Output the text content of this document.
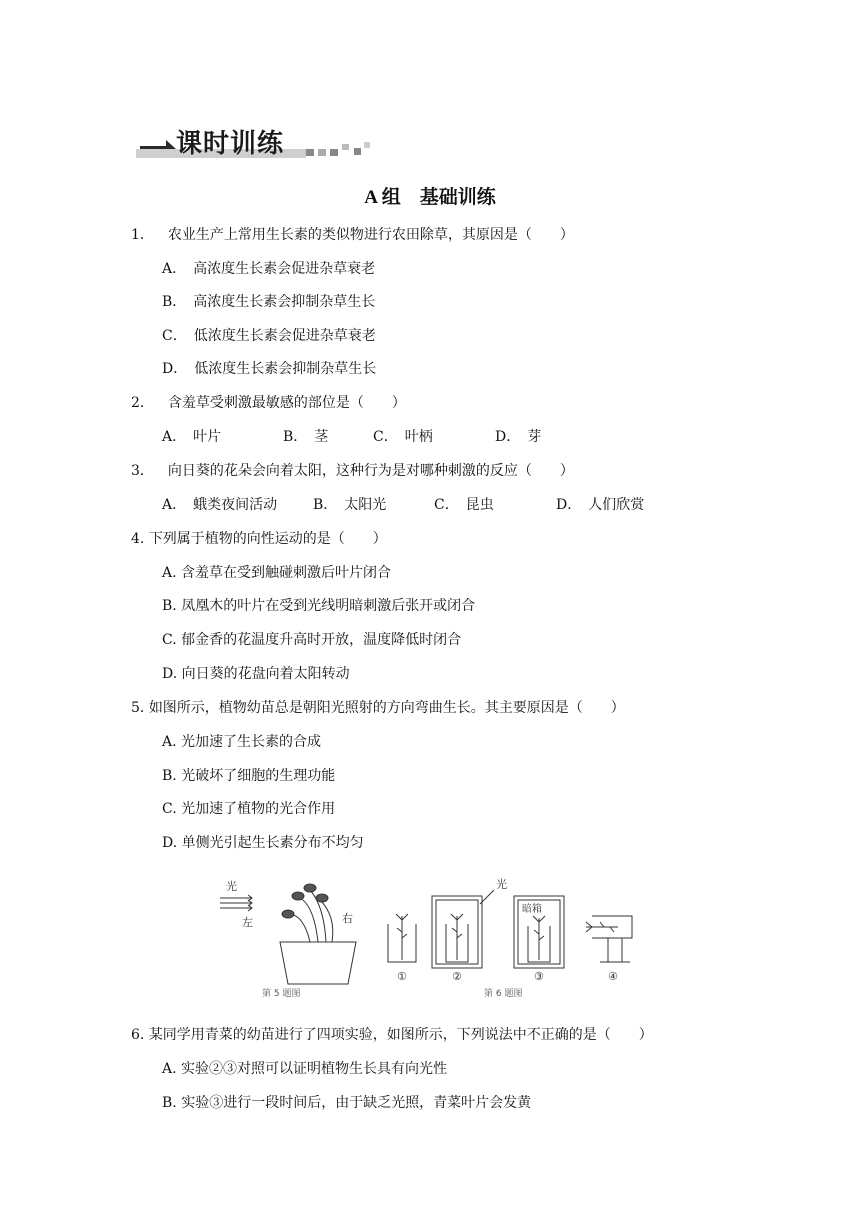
课时训练
A 组　基础训练
1． 农业生产上常用生长素的类似物进行农田除草，其原因是（　　）
A．　高浓度生长素会促进杂草衰老
B．　高浓度生长素会抑制杂草生长
C．　低浓度生长素会促进杂草衰老
D．　低浓度生长素会抑制杂草生长
2． 含羞草受刺激最敏感的部位是（　　）
A．　叶片	B．　茎	C．　叶柄	D．　芽
3． 向日葵的花朵会向着太阳，这种行为是对哪种刺激的反应（　　）
A．　蛾类夜间活动	B．　太阳光	C．　昆虫	D．　人们欣赏
4. 下列属于植物的向性运动的是（　　）
A. 含羞草在受到触碰刺激后叶片闭合
B. 凤凰木的叶片在受到光线明暗刺激后张开或闭合
C. 郁金香的花温度升高时开放，温度降低时闭合
D. 向日葵的花盘向着太阳转动
5. 如图所示，植物幼苗总是朝阳光照射的方向弯曲生长。其主要原因是（　　）
A. 光加速了生长素的合成
B. 光破坏了细胞的生理功能
C. 光加速了植物的光合作用
D. 单侧光引起生长素分布不均匀
光
左	右
第 5 题图
①
光
②
暗箱
③	④
第 6 题图
6. 某同学用青菜的幼苗进行了四项实验，如图所示，下列说法中不正确的是（　　）
A. 实验②③对照可以证明植物生长具有向光性
B. 实验③进行一段时间后，由于缺乏光照，青菜叶片会发黄
